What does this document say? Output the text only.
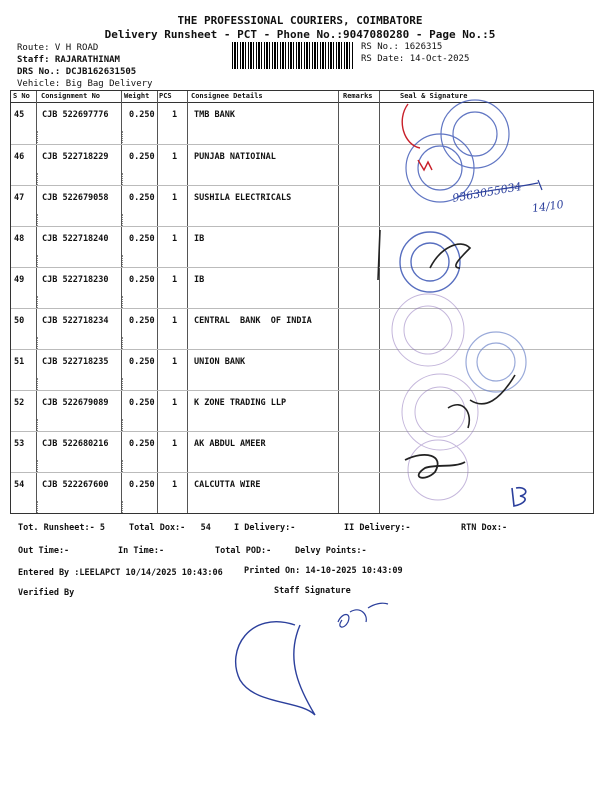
THE PROFESSIONAL COURIERS, COIMBATORE
Delivery Runsheet - PCT - Phone No.:9047080280 - Page No.:5
Route: V H ROAD
Staff: RAJARATHINAM
DRS No.: DCJB162631505
Vehicle: Big Bag Delivery
RS No.: 1626315
RS Date: 14-Oct-2025
S No Consignment No	Weight PCS	Consignee Details	Remarks	Seal & Signature
45 CJB 522697776 0.250 1 TMB BANK
46 CJB 522718229 0.250 1 PUNJAB NATIOINAL
47 CJB 522679058 0.250 1 SUSHILA ELECTRICALS
48 CJB 522718240 0.250 1 IB
49 CJB 522718230 0.250 1 IB
50 CJB 522718234 0.250 1 CENTRAL  BANK  OF INDIA
51 CJB 522718235 0.250 1 UNION BANK
52 CJB 522679089 0.250 1 K ZONE TRADING LLP
53 CJB 522680216 0.250 1 AK ABDUL AMEER
54 CJB 522267600 0.250 1 CALCUTTA WIRE
Tot. Runsheet:- 5	Total Dox:-   54	I Delivery:-	II Delivery:-	RTN Dox:-
Out Time:-	In Time:-	Total POD:-	Delvy Points:-
Entered By :LEELAPCT 10/14/2025 10:43:06	Printed On: 14-10-2025 10:43:09
Verified By	Staff Signature
9363055034
14/10
